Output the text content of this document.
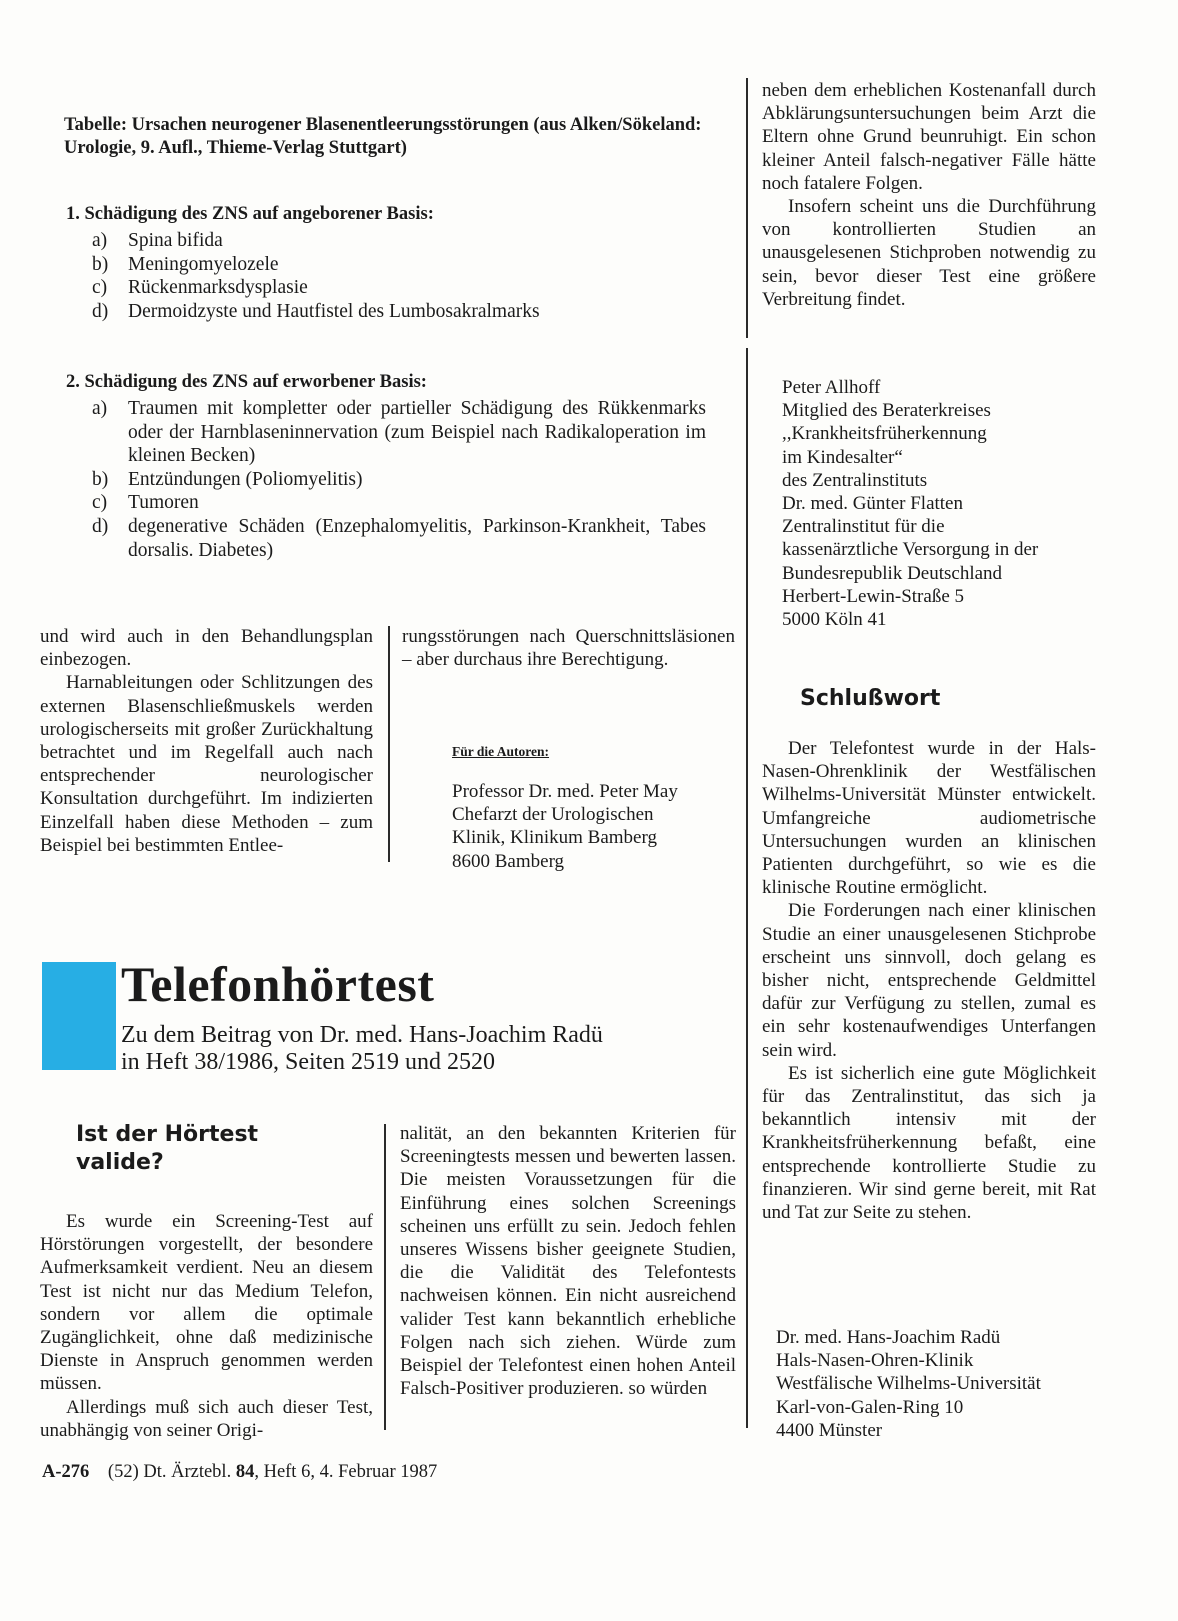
neben dem erheblichen Kostenanfall durch Abklärungsuntersuchungen beim Arzt die Eltern ohne Grund beunruhigt. Ein schon kleiner Anteil falsch-negativer Fälle hätte noch fatalere Folgen.

Insofern scheint uns die Durchführung von kontrollierten Studien an unausgelesenen Stichproben notwendig zu sein, bevor dieser Test eine größere Verbreitung findet.

Tabelle: Ursachen neurogener Blasenentleerungsstörungen (aus Alken/Sökeland: Urologie, 9. Aufl., Thieme-Verlag Stuttgart)
1. Schädigung des ZNS auf angeborener Basis:
a) Spina bifida
b) Meningomyelozele
c) Rückenmarksdysplasie
d) Dermoidzyste und Hautfistel des Lumbosakralmarks
2. Schädigung des ZNS auf erworbener Basis:
a) Traumen mit kompletter oder partieller Schädigung des Rükkenmarks oder der Harnblaseninnervation (zum Beispiel nach Radikaloperation im kleinen Becken)
b) Entzündungen (Poliomyelitis)
c) Tumoren
d) degenerative Schäden (Enzephalomyelitis, Parkinson-Krankheit, Tabes dorsalis. Diabetes)

und wird auch in den Behandlungsplan einbezogen.

Harnableitungen oder Schlitzungen des externen Blasenschließmuskels werden urologischerseits mit großer Zurückhaltung betrachtet und im Regelfall auch nach entsprechender neurologischer Konsultation durchgeführt. Im indizierten Einzelfall haben diese Methoden – zum Beispiel bei bestimmten Entlee-

rungsstörungen nach Querschnittsläsionen – aber durchaus ihre Berechtigung.

Für die Autoren:
Professor Dr. med. Peter May
Chefarzt der Urologischen
Klinik, Klinikum Bamberg
8600 Bamberg
Peter Allhoff
Mitglied des Beraterkreises
,,Krankheitsfrüherkennung
im Kindesalter“
des Zentralinstituts
Dr. med. Günter Flatten
Zentralinstitut für die
kassenärztliche Versorgung in der
Bundesrepublik Deutschland
Herbert-Lewin-Straße 5
5000 Köln 41
Telefonhörtest
Zu dem Beitrag von Dr. med. Hans-Joachim Radü
in Heft 38/1986, Seiten 2519 und 2520
Ist der Hörtest valide?

Es wurde ein Screening-Test auf Hörstörungen vorgestellt, der besondere Aufmerksamkeit verdient. Neu an diesem Test ist nicht nur das Medium Telefon, sondern vor allem die optimale Zugänglichkeit, ohne daß medizinische Dienste in Anspruch genommen werden müssen.

Allerdings muß sich auch dieser Test, unabhängig von seiner Origi-

nalität, an den bekannten Kriterien für Screeningtests messen und bewerten lassen. Die meisten Voraussetzungen für die Einführung eines solchen Screenings scheinen uns erfüllt zu sein. Jedoch fehlen unseres Wissens bisher geeignete Studien, die die Validität des Telefontests nachweisen können. Ein nicht ausreichend valider Test kann bekanntlich erhebliche Folgen nach sich ziehen. Würde zum Beispiel der Telefontest einen hohen Anteil Falsch-Positiver produzieren. so würden

Schlußwort

Der Telefontest wurde in der Hals-Nasen-Ohrenklinik der Westfälischen Wilhelms-Universität Münster entwickelt. Umfangreiche audiometrische Untersuchungen wurden an klinischen Patienten durchgeführt, so wie es die klinische Routine ermöglicht.

Die Forderungen nach einer klinischen Studie an einer unausgelesenen Stichprobe erscheint uns sinnvoll, doch gelang es bisher nicht, entsprechende Geldmittel dafür zur Verfügung zu stellen, zumal es ein sehr kostenaufwendiges Unterfangen sein wird.

Es ist sicherlich eine gute Möglichkeit für das Zentralinstitut, das sich ja bekanntlich intensiv mit der Krankheitsfrüherkennung befaßt, eine entsprechende kontrollierte Studie zu finanzieren. Wir sind gerne bereit, mit Rat und Tat zur Seite zu stehen.

Dr. med. Hans-Joachim Radü
Hals-Nasen-Ohren-Klinik
Westfälische Wilhelms-Universität
Karl-von-Galen-Ring 10
4400 Münster
A-276 (52) Dt. Ärztebl. 84, Heft 6, 4. Februar 1987
